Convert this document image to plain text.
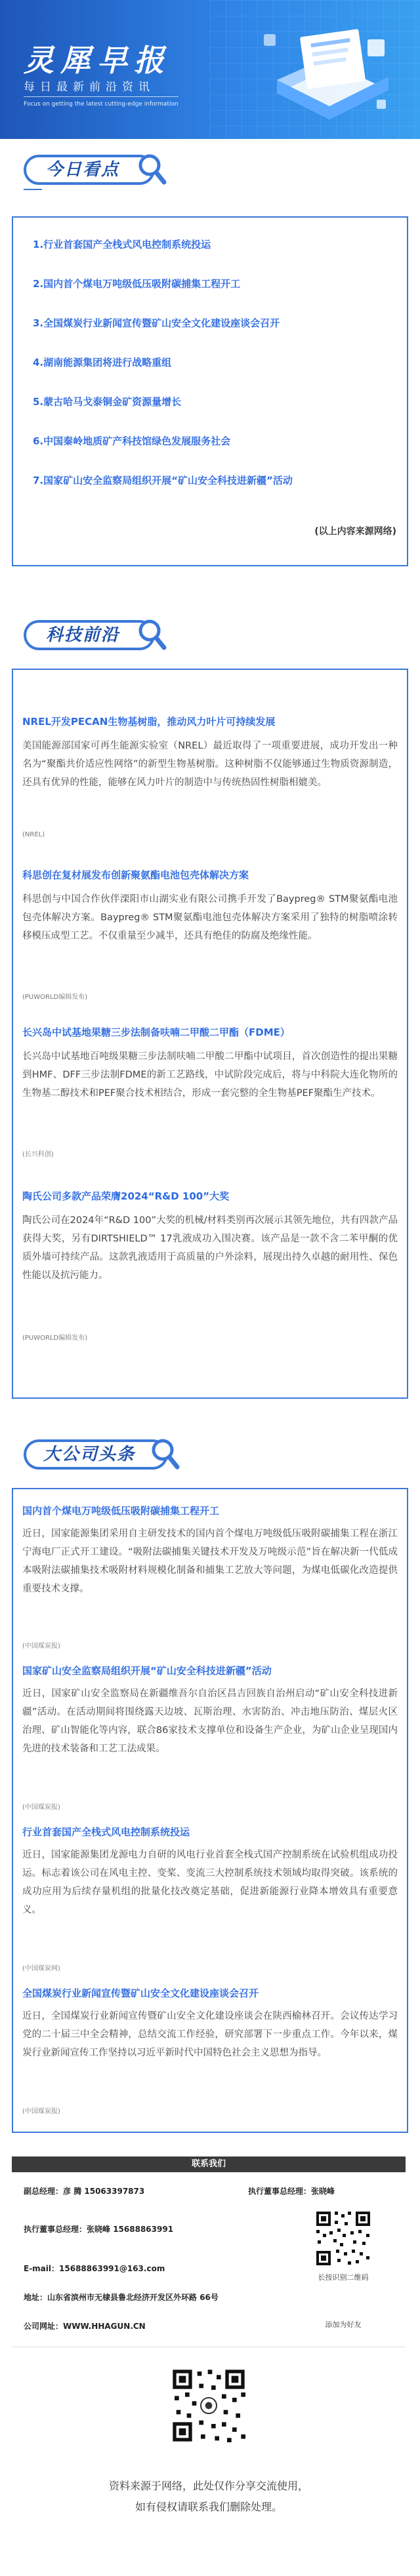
灵犀早报
每日最新前沿资讯
Focus on getting the latest cutting-edge information
今日看点
1.行业首套国产全栈式风电控制系统投运
2.国内首个煤电万吨级低压吸附碳捕集工程开工
3.全国煤炭行业新闻宣传暨矿山安全文化建设座谈会召开
4.湖南能源集团将进行战略重组
5.蒙古哈马戈泰铜金矿资源量增长
6.中国秦岭地质矿产科技馆绿色发展服务社会
7.国家矿山安全监察局组织开展“矿山安全科技进新疆”活动
(以上内容来源网络)
科技前沿
NREL开发PECAN生物基树脂，推动风力叶片可持续发展

美国能源部国家可再生能源实验室（NREL）最近取得了一项重要进展，成功开发出一种名为“聚酯共价适应性网络”的新型生物基树脂。这种树脂不仅能够通过生物质资源制造，还具有优异的性能，能够在风力叶片的制造中与传统热固性树脂相媲美。

(NREL)
科思创在复材展发布创新聚氨酯电池包壳体解决方案

科思创与中国合作伙伴溧阳市山湖实业有限公司携手开发了Baypreg® STM聚氨酯电池包壳体解决方案。Baypreg® STM聚氨酯电池包壳体解决方案采用了独特的树脂喷涂转移模压成型工艺。不仅重量至少减半，还具有绝佳的防腐及绝缘性能。

(PUWORLD编辑发布)
长兴岛中试基地果糖三步法制备呋喃二甲酸二甲酯（FDME）

长兴岛中试基地百吨级果糖三步法制呋喃二甲酸二甲酯中试项目，首次创造性的提出果糖到HMF、DFF三步法制FDME的新工艺路线，中试阶段完成后，将与中科院大连化物所的生物基二醇技术和PEF聚合技术相结合，形成一套完整的全生物基PEF聚酯生产技术。

(长兴科创)
陶氏公司多款产品荣膺2024“R&D 100”大奖

陶氏公司在2024年“R&D 100”大奖的机械/材料类别再次展示其领先地位，共有四款产品获得大奖，另有DIRTSHIELD™ 17乳液成功入围决赛。该产品是一款不含二苯甲酮的优质外墙可持续产品。这款乳液适用于高质量的户外涂料，展现出持久卓越的耐用性、保色性能以及抗污能力。

(PUWORLD编辑发布)
大公司头条
国内首个煤电万吨级低压吸附碳捕集工程开工

近日，国家能源集团采用自主研发技术的国内首个煤电万吨级低压吸附碳捕集工程在浙江宁海电厂正式开工建设。“吸附法碳捕集关键技术开发及万吨级示范”旨在解决新一代低成本吸附法碳捕集技术吸附材料规模化制备和捕集工艺放大等问题，为煤电低碳化改造提供重要技术支撑。

(中国煤炭报)
国家矿山安全监察局组织开展“矿山安全科技进新疆”活动

近日，国家矿山安全监察局在新疆维吾尔自治区昌吉回族自治州启动“矿山安全科技进新疆”活动。在活动期间将围绕露天边坡、瓦斯治理、水害防治、冲击地压防治、煤层火区治理、矿山智能化等内容，联合86家技术支撑单位和设备生产企业，为矿山企业呈现国内先进的技术装备和工艺工法成果。

(中国煤炭报)
行业首套国产全栈式风电控制系统投运

近日，国家能源集团龙源电力自研的风电行业首套全栈式国产控制系统在试验机组成功投运。标志着该公司在风电主控、变桨、变流三大控制系统技术领域均取得突破。该系统的成功应用为后续存量机组的批量化技改奠定基础，促进新能源行业降本增效具有重要意义。

(中国煤炭网)
全国煤炭行业新闻宣传暨矿山安全文化建设座谈会召开

近日，全国煤炭行业新闻宣传暨矿山安全文化建设座谈会在陕西榆林召开。会议传达学习党的二十届三中全会精神，总结交流工作经验，研究部署下一步重点工作。今年以来，煤炭行业新闻宣传工作坚持以习近平新时代中国特色社会主义思想为指导。

(中国煤炭报)
联系我们
副总经理：彦 腾 15063397873	执行董事总经理：张晓峰
执行董事总经理：张晓峰 15688863991
E-mail：15688863991@163.com
地址：山东省滨州市无棣县鲁北经济开发区外环路 66号
公司网址：WWW.HHAGUN.CN
长按识别二维码
添加为好友
资料来源于网络，此处仅作分享交流使用，
如有侵权请联系我们删除处理。
